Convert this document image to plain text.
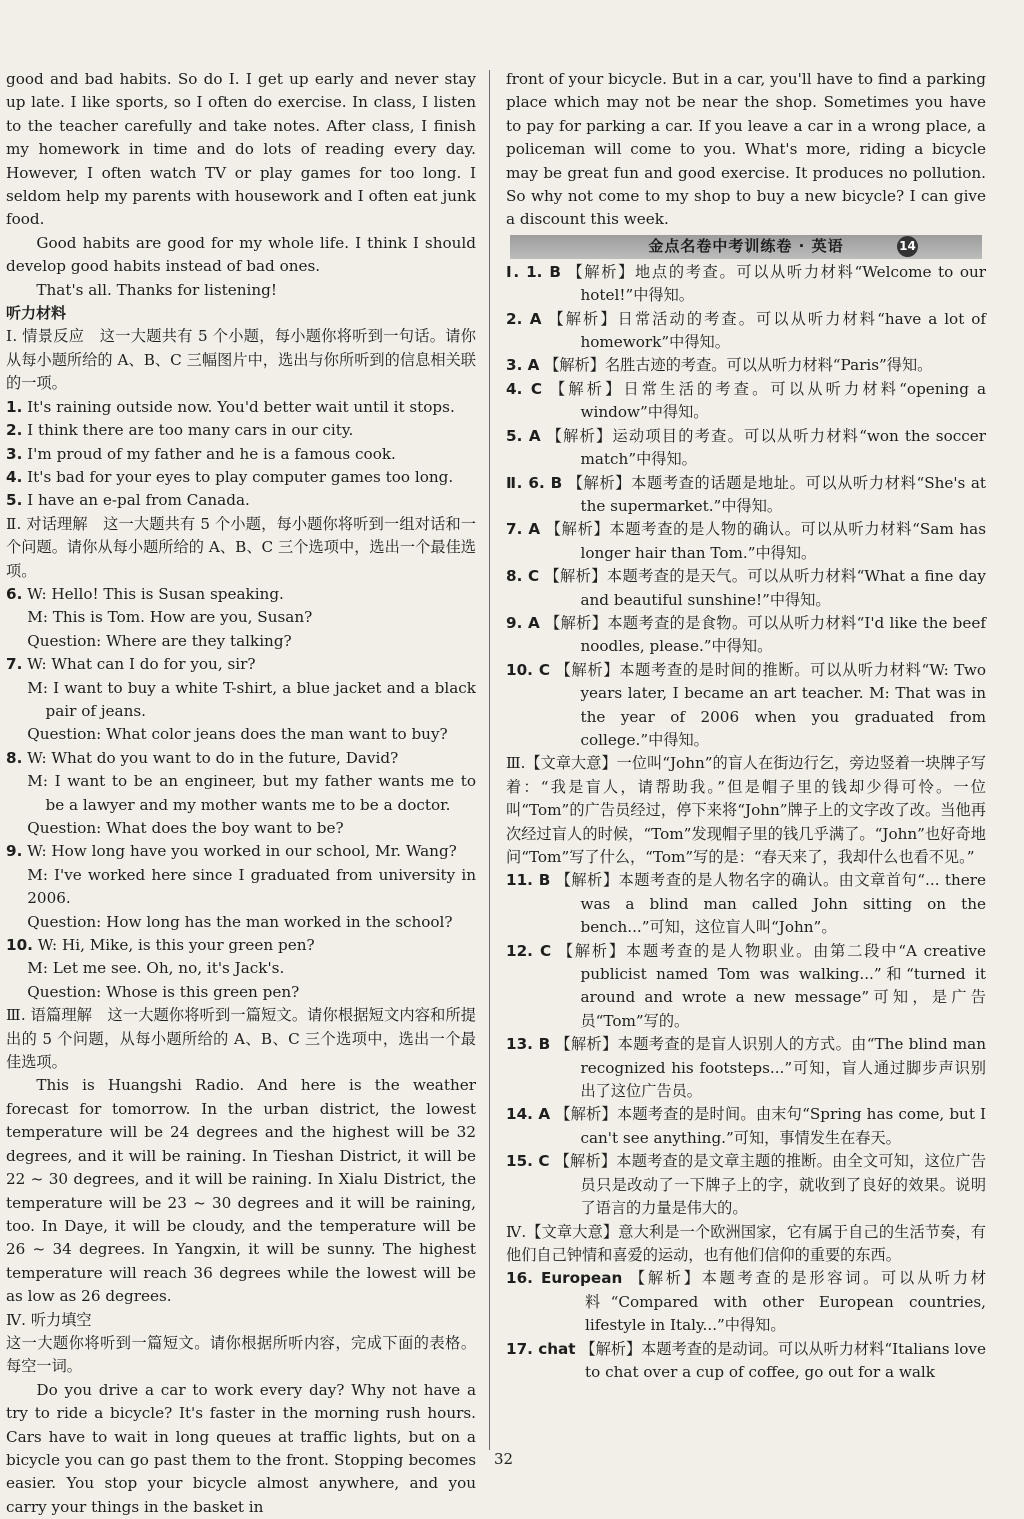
good and bad habits. So do I. I get up early and never stay up late. I like sports, so I often do exercise. In class, I listen to the teacher carefully and take notes. After class, I finish my homework in time and do lots of reading every day. However, I often watch TV or play games for too long. I seldom help my parents with housework and I often eat junk food.

Good habits are good for my whole life. I think I should develop good habits instead of bad ones.

That's all. Thanks for listening!

听力材料

Ⅰ. 情景反应　这一大题共有 5 个小题，每小题你将听到一句话。请你从每小题所给的 A、B、C 三幅图片中，选出与你所听到的信息相关联的一项。

1. It's raining outside now. You'd better wait until it stops.

2. I think there are too many cars in our city.

3. I'm proud of my father and he is a famous cook.

4. It's bad for your eyes to play computer games too long.

5. I have an e-pal from Canada.

Ⅱ. 对话理解　这一大题共有 5 个小题，每小题你将听到一组对话和一个问题。请你从每小题所给的 A、B、C 三个选项中，选出一个最佳选项。

6. W: Hello! This is Susan speaking.

M: This is Tom. How are you, Susan?

Question: Where are they talking?

7. W: What can I do for you, sir?

M: I want to buy a white T-shirt, a blue jacket and a black pair of jeans.

Question: What color jeans does the man want to buy?

8. W: What do you want to do in the future, David?

M: I want to be an engineer, but my father wants me to be a lawyer and my mother wants me to be a doctor.

Question: What does the boy want to be?

9. W: How long have you worked in our school, Mr. Wang?

M: I've worked here since I graduated from university in 2006.

Question: How long has the man worked in the school?

10. W: Hi, Mike, is this your green pen?

M: Let me see. Oh, no, it's Jack's.

Question: Whose is this green pen?

Ⅲ. 语篇理解　这一大题你将听到一篇短文。请你根据短文内容和所提出的 5 个问题，从每小题所给的 A、B、C 三个选项中，选出一个最佳选项。

This is Huangshi Radio. And here is the weather forecast for tomorrow. In the urban district, the lowest temperature will be 24 degrees and the highest will be 32 degrees, and it will be raining. In Tieshan District, it will be 22 ~ 30 degrees, and it will be raining. In Xialu District, the temperature will be 23 ~ 30 degrees and it will be raining, too. In Daye, it will be cloudy, and the temperature will be 26 ~ 34 degrees. In Yangxin, it will be sunny. The highest temperature will reach 36 degrees while the lowest will be as low as 26 degrees.

Ⅳ. 听力填空

这一大题你将听到一篇短文。请你根据所听内容，完成下面的表格。每空一词。

Do you drive a car to work every day? Why not have a try to ride a bicycle? It's faster in the morning rush hours. Cars have to wait in long queues at traffic lights, but on a bicycle you can go past them to the front. Stopping becomes easier. You stop your bicycle almost anywhere, and you carry your things in the basket in

front of your bicycle. But in a car, you'll have to find a parking place which may not be near the shop. Sometimes you have to pay for parking a car. If you leave a car in a wrong place, a policeman will come to you. What's more, riding a bicycle may be great fun and good exercise. It produces no pollution. So why not come to my shop to buy a new bicycle? I can give a discount this week.

金点名卷中考训练卷 · 英语	14

Ⅰ. 1. B 【解析】地点的考查。可以从听力材料“Welcome to our hotel!”中得知。

2. A 【解析】日常活动的考查。可以从听力材料“have a lot of homework”中得知。

3. A 【解析】名胜古迹的考查。可以从听力材料“Paris”得知。

4. C 【解析】日常生活的考查。可以从听力材料“opening a window”中得知。

5. A 【解析】运动项目的考查。可以从听力材料“won the soccer match”中得知。

Ⅱ. 6. B 【解析】本题考查的话题是地址。可以从听力材料“She's at the supermarket.”中得知。

7. A 【解析】本题考查的是人物的确认。可以从听力材料“Sam has longer hair than Tom.”中得知。

8. C 【解析】本题考查的是天气。可以从听力材料“What a fine day and beautiful sunshine!”中得知。

9. A 【解析】本题考查的是食物。可以从听力材料“I'd like the beef noodles, please.”中得知。

10. C 【解析】本题考查的是时间的推断。可以从听力材料“W: Two years later, I became an art teacher. M: That was in the year of 2006 when you graduated from college.”中得知。

Ⅲ.【文章大意】一位叫“John”的盲人在街边行乞，旁边竖着一块牌子写着：“我是盲人，请帮助我。”但是帽子里的钱却少得可怜。一位叫“Tom”的广告员经过，停下来将“John”牌子上的文字改了改。当他再次经过盲人的时候，“Tom”发现帽子里的钱几乎满了。“John”也好奇地问“Tom”写了什么，“Tom”写的是：“春天来了，我却什么也看不见。”

11. B 【解析】本题考查的是人物名字的确认。由文章首句“... there was a blind man called John sitting on the bench...”可知，这位盲人叫“John”。

12. C 【解析】本题考查的是人物职业。由第二段中“A creative publicist named Tom was walking...”和“turned it around and wrote a new message”可知，是广告员“Tom”写的。

13. B 【解析】本题考查的是盲人识别人的方式。由“The blind man recognized his footsteps...”可知，盲人通过脚步声识别出了这位广告员。

14. A 【解析】本题考查的是时间。由末句“Spring has come, but I can't see anything.”可知，事情发生在春天。

15. C 【解析】本题考查的是文章主题的推断。由全文可知，这位广告员只是改动了一下牌子上的字，就收到了良好的效果。说明了语言的力量是伟大的。

Ⅳ.【文章大意】意大利是一个欧洲国家，它有属于自己的生活节奏，有他们自己钟情和喜爱的运动，也有他们信仰的重要的东西。

16. European 【解析】本题考查的是形容词。可以从听力材料“Compared with other European countries, lifestyle in Italy...”中得知。

17. chat 【解析】本题考查的是动词。可以从听力材料“Italians love to chat over a cup of coffee, go out for a walk

32
